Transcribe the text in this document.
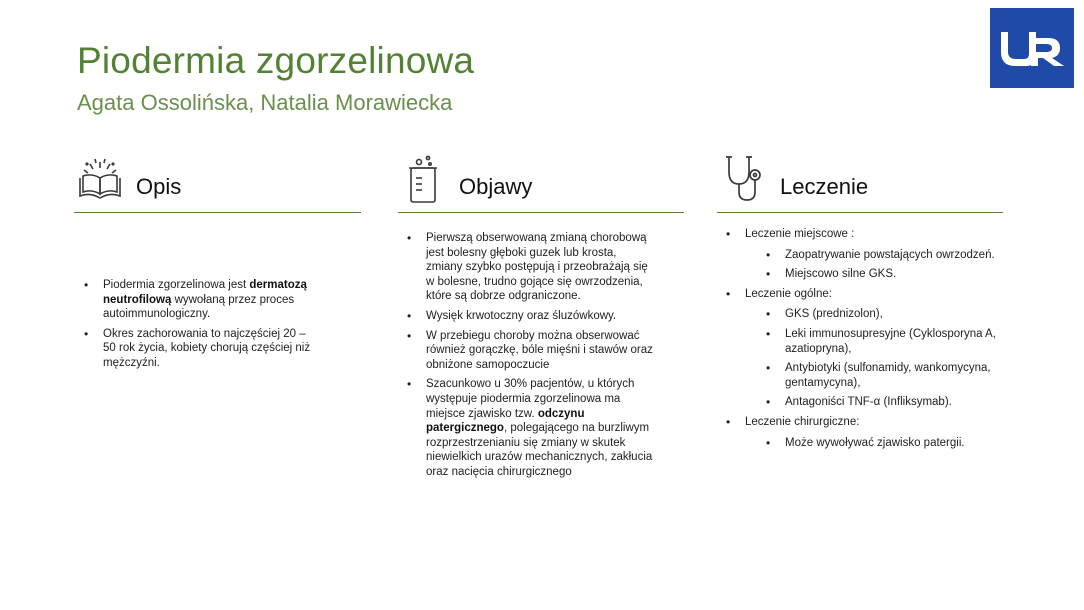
Piodermia zgorzelinowa
Agata Ossolińska, Natalia Morawiecka
Opis
• Piodermia zgorzelinowa jest dermatozą neutrofilową wywołaną przez proces autoimmunologiczny.
• Okres zachorowania to najczęściej 20 – 50 rok życia, kobiety chorują częściej niż mężczyźni.
Objawy
• Pierwszą obserwowaną zmianą chorobową jest bolesny głęboki guzek lub krosta, zmiany szybko postępują i przeobrażają się w bolesne, trudno gojące się owrzodzenia, które są dobrze odgraniczone.
• Wysięk krwotoczny oraz śluzówkowy.
• W przebiegu choroby można obserwować również gorączkę, bóle mięśni i stawów oraz obniżone samopoczucie
• Szacunkowo u 30% pacjentów, u których występuje piodermia zgorzelinowa ma miejsce zjawisko tzw. odczynu patergicznego, polegającego na burzliwym rozprzestrzenianiu się zmiany w skutek niewielkich urazów mechanicznych, zakłucia oraz nacięcia chirurgicznego
Leczenie
• Leczenie miejscowe :
• Zaopatrywanie powstających owrzodzeń.
• Miejscowo silne GKS.
• Leczenie ogólne:
• GKS (prednizolon),
• Leki immunosupresyjne (Cyklosporyna A, azatiopryna),
• Antybiotyki (sulfonamidy, wankomycyna, gentamycyna),
• Antagoniści TNF-α (Infliksymab).
• Leczenie chirurgiczne:
• Może wywoływać zjawisko patergii.
